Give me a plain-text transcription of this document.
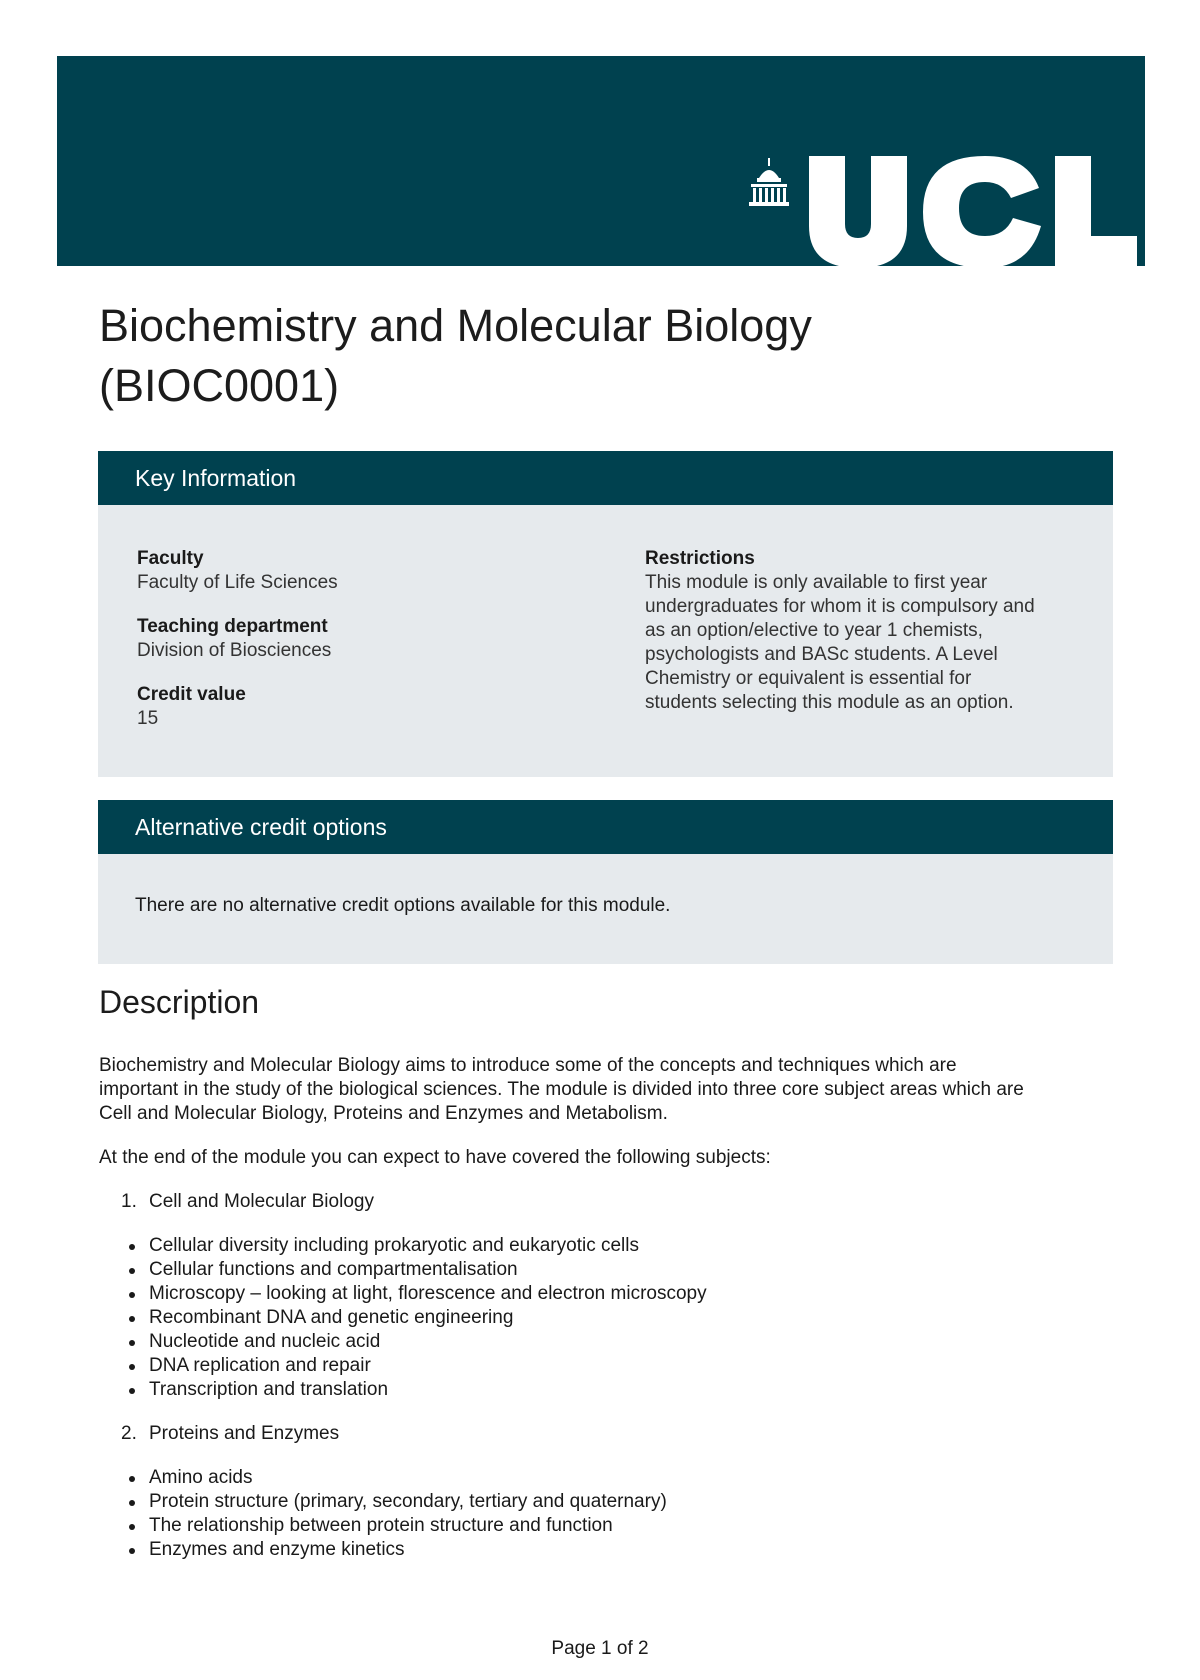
Biochemistry and Molecular Biology
(BIOC0001)
Key Information
Faculty
Faculty of Life Sciences
Teaching department
Division of Biosciences
Credit value
15
Restrictions
This module is only available to first year
undergraduates for whom it is compulsory and
as an option/elective to year 1 chemists,
psychologists and BASc students. A Level
Chemistry or equivalent is essential for
students selecting this module as an option.
Alternative credit options
There are no alternative credit options available for this module.
Description

Biochemistry and Molecular Biology aims to introduce some of the concepts and techniques which are
important in the study of the biological sciences. The module is divided into three core subject areas which are
Cell and Molecular Biology, Proteins and Enzymes and Metabolism.

At the end of the module you can expect to have covered the following subjects:

1. Cell and Molecular Biology
Cellular diversity including prokaryotic and eukaryotic cells
Cellular functions and compartmentalisation
Microscopy – looking at light, florescence and electron microscopy
Recombinant DNA and genetic engineering
Nucleotide and nucleic acid
DNA replication and repair
Transcription and translation
2. Proteins and Enzymes
Amino acids
Protein structure (primary, secondary, tertiary and quaternary)
The relationship between protein structure and function
Enzymes and enzyme kinetics
Page 1 of 2
